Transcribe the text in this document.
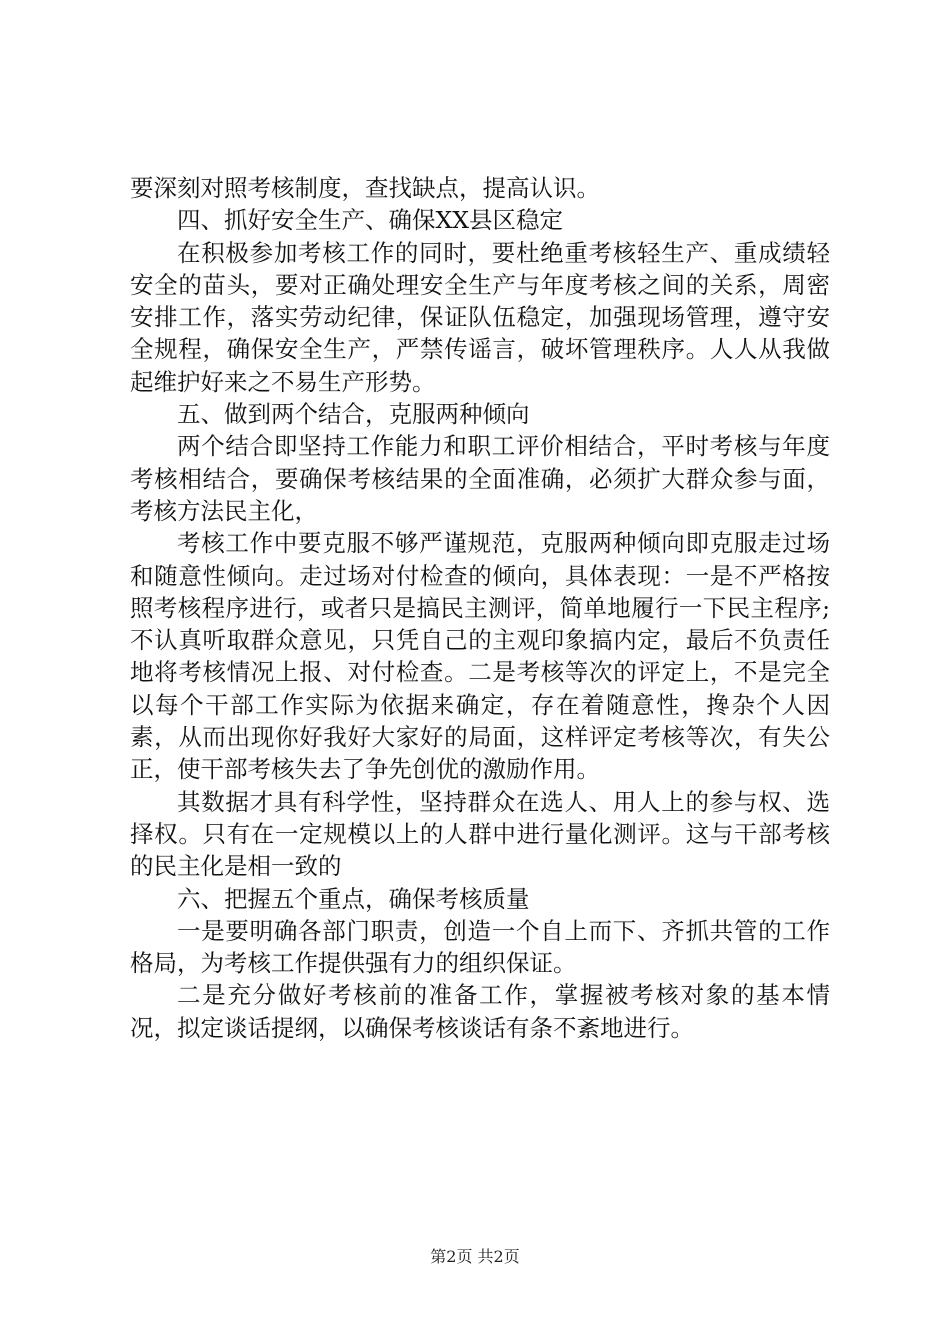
要深刻对照考核制度，查找缺点，提高认识。

四、抓好安全生产、确保XX县区稳定

在积极参加考核工作的同时，要杜绝重考核轻生产、重成绩轻安全的苗头，要对正确处理安全生产与年度考核之间的关系，周密安排工作，落实劳动纪律，保证队伍稳定，加强现场管理，遵守安全规程，确保安全生产，严禁传谣言，破坏管理秩序。人人从我做起维护好来之不易生产形势。

五、做到两个结合，克服两种倾向

两个结合即坚持工作能力和职工评价相结合，平时考核与年度考核相结合，要确保考核结果的全面准确，必须扩大群众参与面，考核方法民主化，

考核工作中要克服不够严谨规范，克服两种倾向即克服走过场和随意性倾向。走过场对付检查的倾向，具体表现：一是不严格按照考核程序进行，或者只是搞民主测评，简单地履行一下民主程序;不认真听取群众意见，只凭自己的主观印象搞内定，最后不负责任地将考核情况上报、对付检查。二是考核等次的评定上，不是完全以每个干部工作实际为依据来确定，存在着随意性，搀杂个人因素，从而出现你好我好大家好的局面，这样评定考核等次，有失公正，使干部考核失去了争先创优的激励作用。

其数据才具有科学性，坚持群众在选人、用人上的参与权、选择权。只有在一定规模以上的人群中进行量化测评。这与干部考核的民主化是相一致的

六、把握五个重点，确保考核质量

一是要明确各部门职责，创造一个自上而下、齐抓共管的工作格局，为考核工作提供强有力的组织保证。

二是充分做好考核前的准备工作，掌握被考核对象的基本情况，拟定谈话提纲，以确保考核谈话有条不紊地进行。

第2页 共2页
